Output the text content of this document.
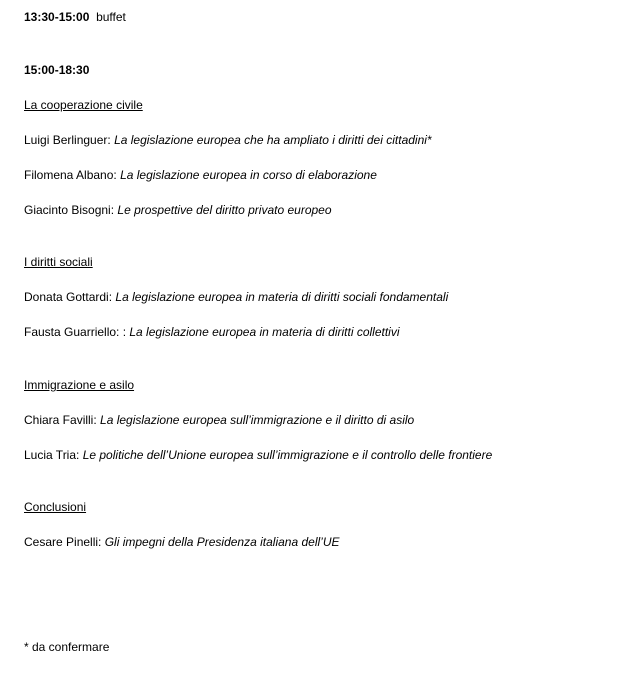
13:30-15:00 buffet
15:00-18:30
La cooperazione civile
Luigi Berlinguer: La legislazione europea che ha ampliato i diritti dei cittadini*
Filomena Albano: La legislazione europea in corso di elaborazione
Giacinto Bisogni: Le prospettive del diritto privato europeo
I diritti sociali
Donata Gottardi: La legislazione europea in materia di diritti sociali fondamentali
Fausta Guarriello: : La legislazione europea in materia di diritti collettivi
Immigrazione e asilo
Chiara Favilli: La legislazione europea sull’immigrazione e il diritto di asilo
Lucia Tria: Le politiche dell’Unione europea sull’immigrazione e il controllo delle frontiere
Conclusioni
Cesare Pinelli: Gli impegni della Presidenza italiana dell’UE
* da confermare
